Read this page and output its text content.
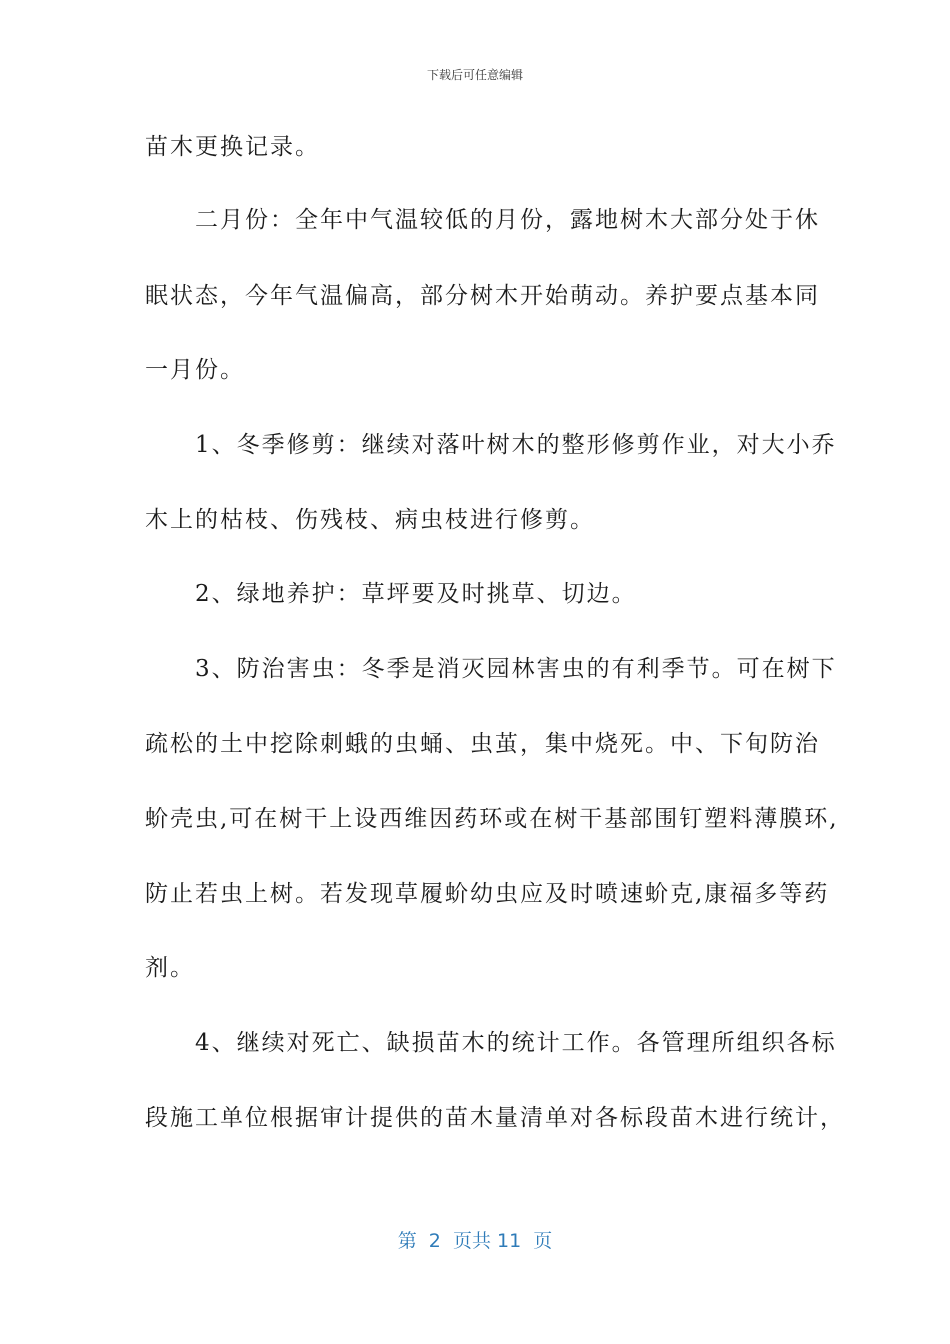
下载后可任意编辑
苗木更换记录。
　　二月份：全年中气温较低的月份，露地树木大部分处于休
眠状态，今年气温偏高，部分树木开始萌动。养护要点基本同
一月份。
　　1、冬季修剪：继续对落叶树木的整形修剪作业，对大小乔
木上的枯枝、伤残枝、病虫枝进行修剪。
　　2、绿地养护：草坪要及时挑草、切边。
　　3、防治害虫：冬季是消灭园林害虫的有利季节。可在树下
疏松的土中挖除刺蛾的虫蛹、虫茧，集中烧死。中、下旬防治
蚧壳虫,可在树干上设西维因药环或在树干基部围钉塑料薄膜环,
防止若虫上树。若发现草履蚧幼虫应及时喷速蚧克,康福多等药
剂。
　　4、继续对死亡、缺损苗木的统计工作。各管理所组织各标
段施工单位根据审计提供的苗木量清单对各标段苗木进行统计，
第  2  页共 11  页
